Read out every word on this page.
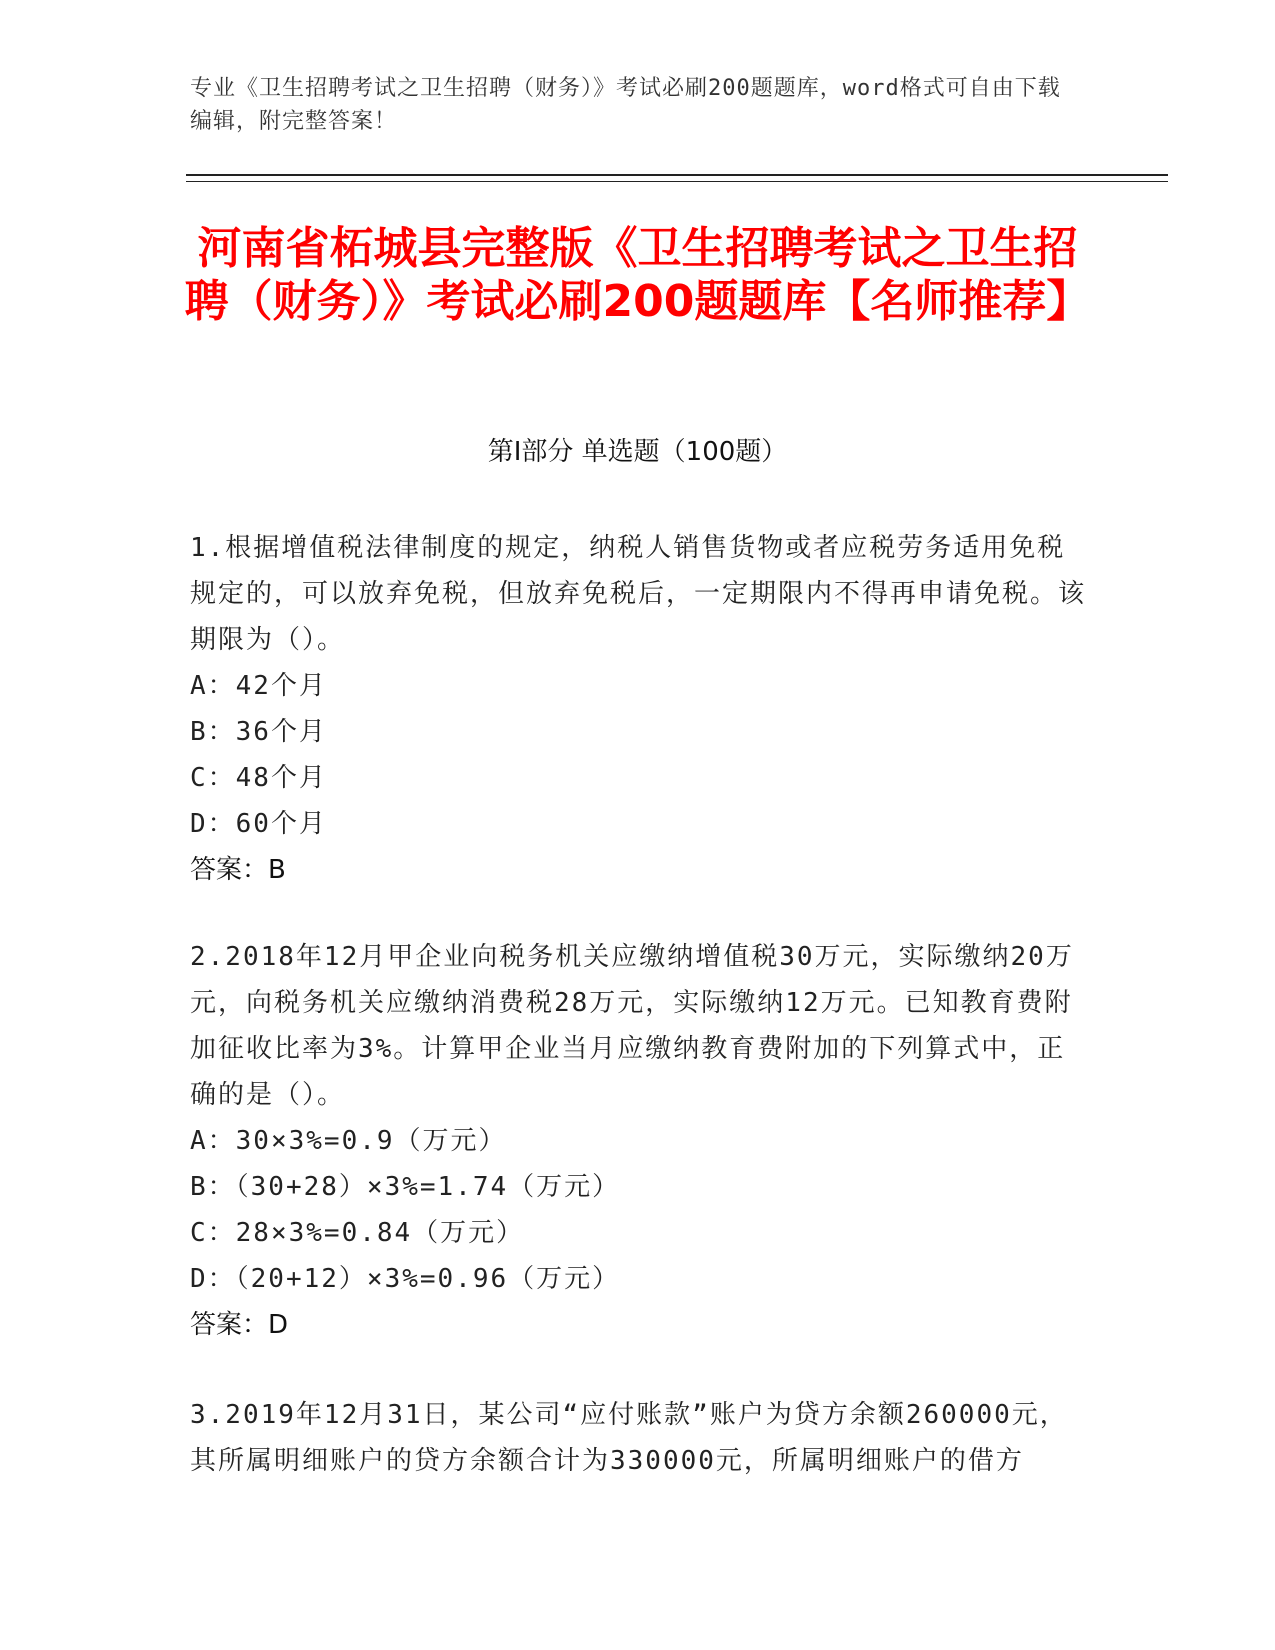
专业《卫生招聘考试之卫生招聘（财务）》考试必刷200题题库，word格式可自由下载编辑，附完整答案！
河南省柘城县完整版《卫生招聘考试之卫生招聘（财务）》考试必刷200题题库【名师推荐】
第I部分 单选题（100题）

1.根据增值税法律制度的规定，纳税人销售货物或者应税劳务适用免税规定的，可以放弃免税，但放弃免税后，一定期限内不得再申请免税。该期限为（）。

A：42个月

B：36个月

C：48个月

D：60个月

答案：B

2.2018年12月甲企业向税务机关应缴纳增值税30万元，实际缴纳20万元，向税务机关应缴纳消费税28万元，实际缴纳12万元。已知教育费附加征收比率为3%。计算甲企业当月应缴纳教育费附加的下列算式中，正确的是（）。

A：30×3%=0.9（万元）

B：（30+28）×3%=1.74（万元）

C：28×3%=0.84（万元）

D：（20+12）×3%=0.96（万元）

答案：D

3.2019年12月31日，某公司“应付账款”账户为贷方余额260000元，其所属明细账户的贷方余额合计为330000元，所属明细账户的借方
